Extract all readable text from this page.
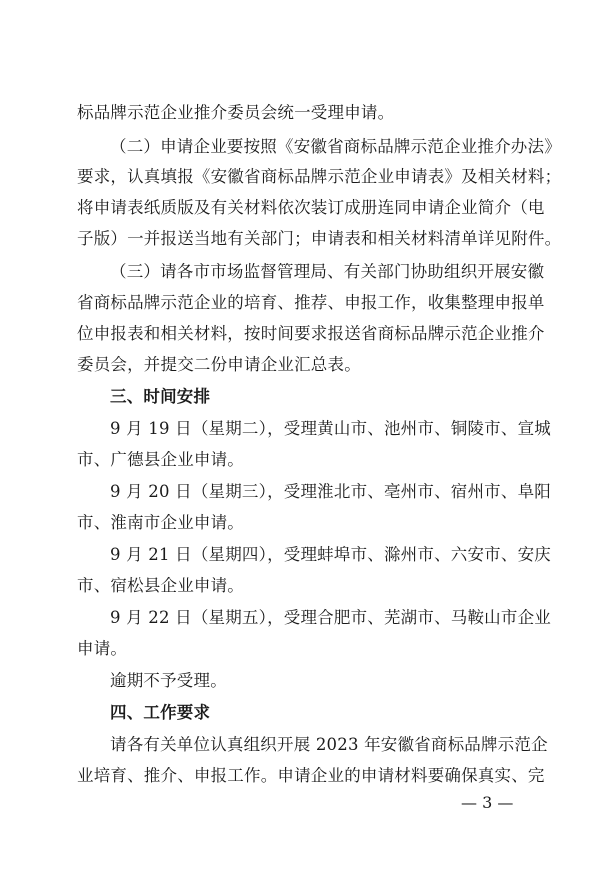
标品牌示范企业推介委员会统一受理申请。
（二）申请企业要按照《安徽省商标品牌示范企业推介办法》
要求，认真填报《安徽省商标品牌示范企业申请表》及相关材料；
将申请表纸质版及有关材料依次装订成册连同申请企业简介（电
子版）一并报送当地有关部门；申请表和相关材料清单详见附件。
（三）请各市市场监督管理局、有关部门协助组织开展安徽
省商标品牌示范企业的培育、推荐、申报工作，收集整理申报单
位申报表和相关材料，按时间要求报送省商标品牌示范企业推介
委员会，并提交二份申请企业汇总表。
三、时间安排
9 月 19 日（星期二），受理黄山市、池州市、铜陵市、宣城
市、广德县企业申请。
9 月 20 日（星期三），受理淮北市、亳州市、宿州市、阜阳
市、淮南市企业申请。
9 月 21 日（星期四），受理蚌埠市、滁州市、六安市、安庆
市、宿松县企业申请。
9 月 22 日（星期五），受理合肥市、芜湖市、马鞍山市企业
申请。
逾期不予受理。
四、工作要求
请各有关单位认真组织开展 2023 年安徽省商标品牌示范企
业培育、推介、申报工作。申请企业的申请材料要确保真实、完
— 3 —
